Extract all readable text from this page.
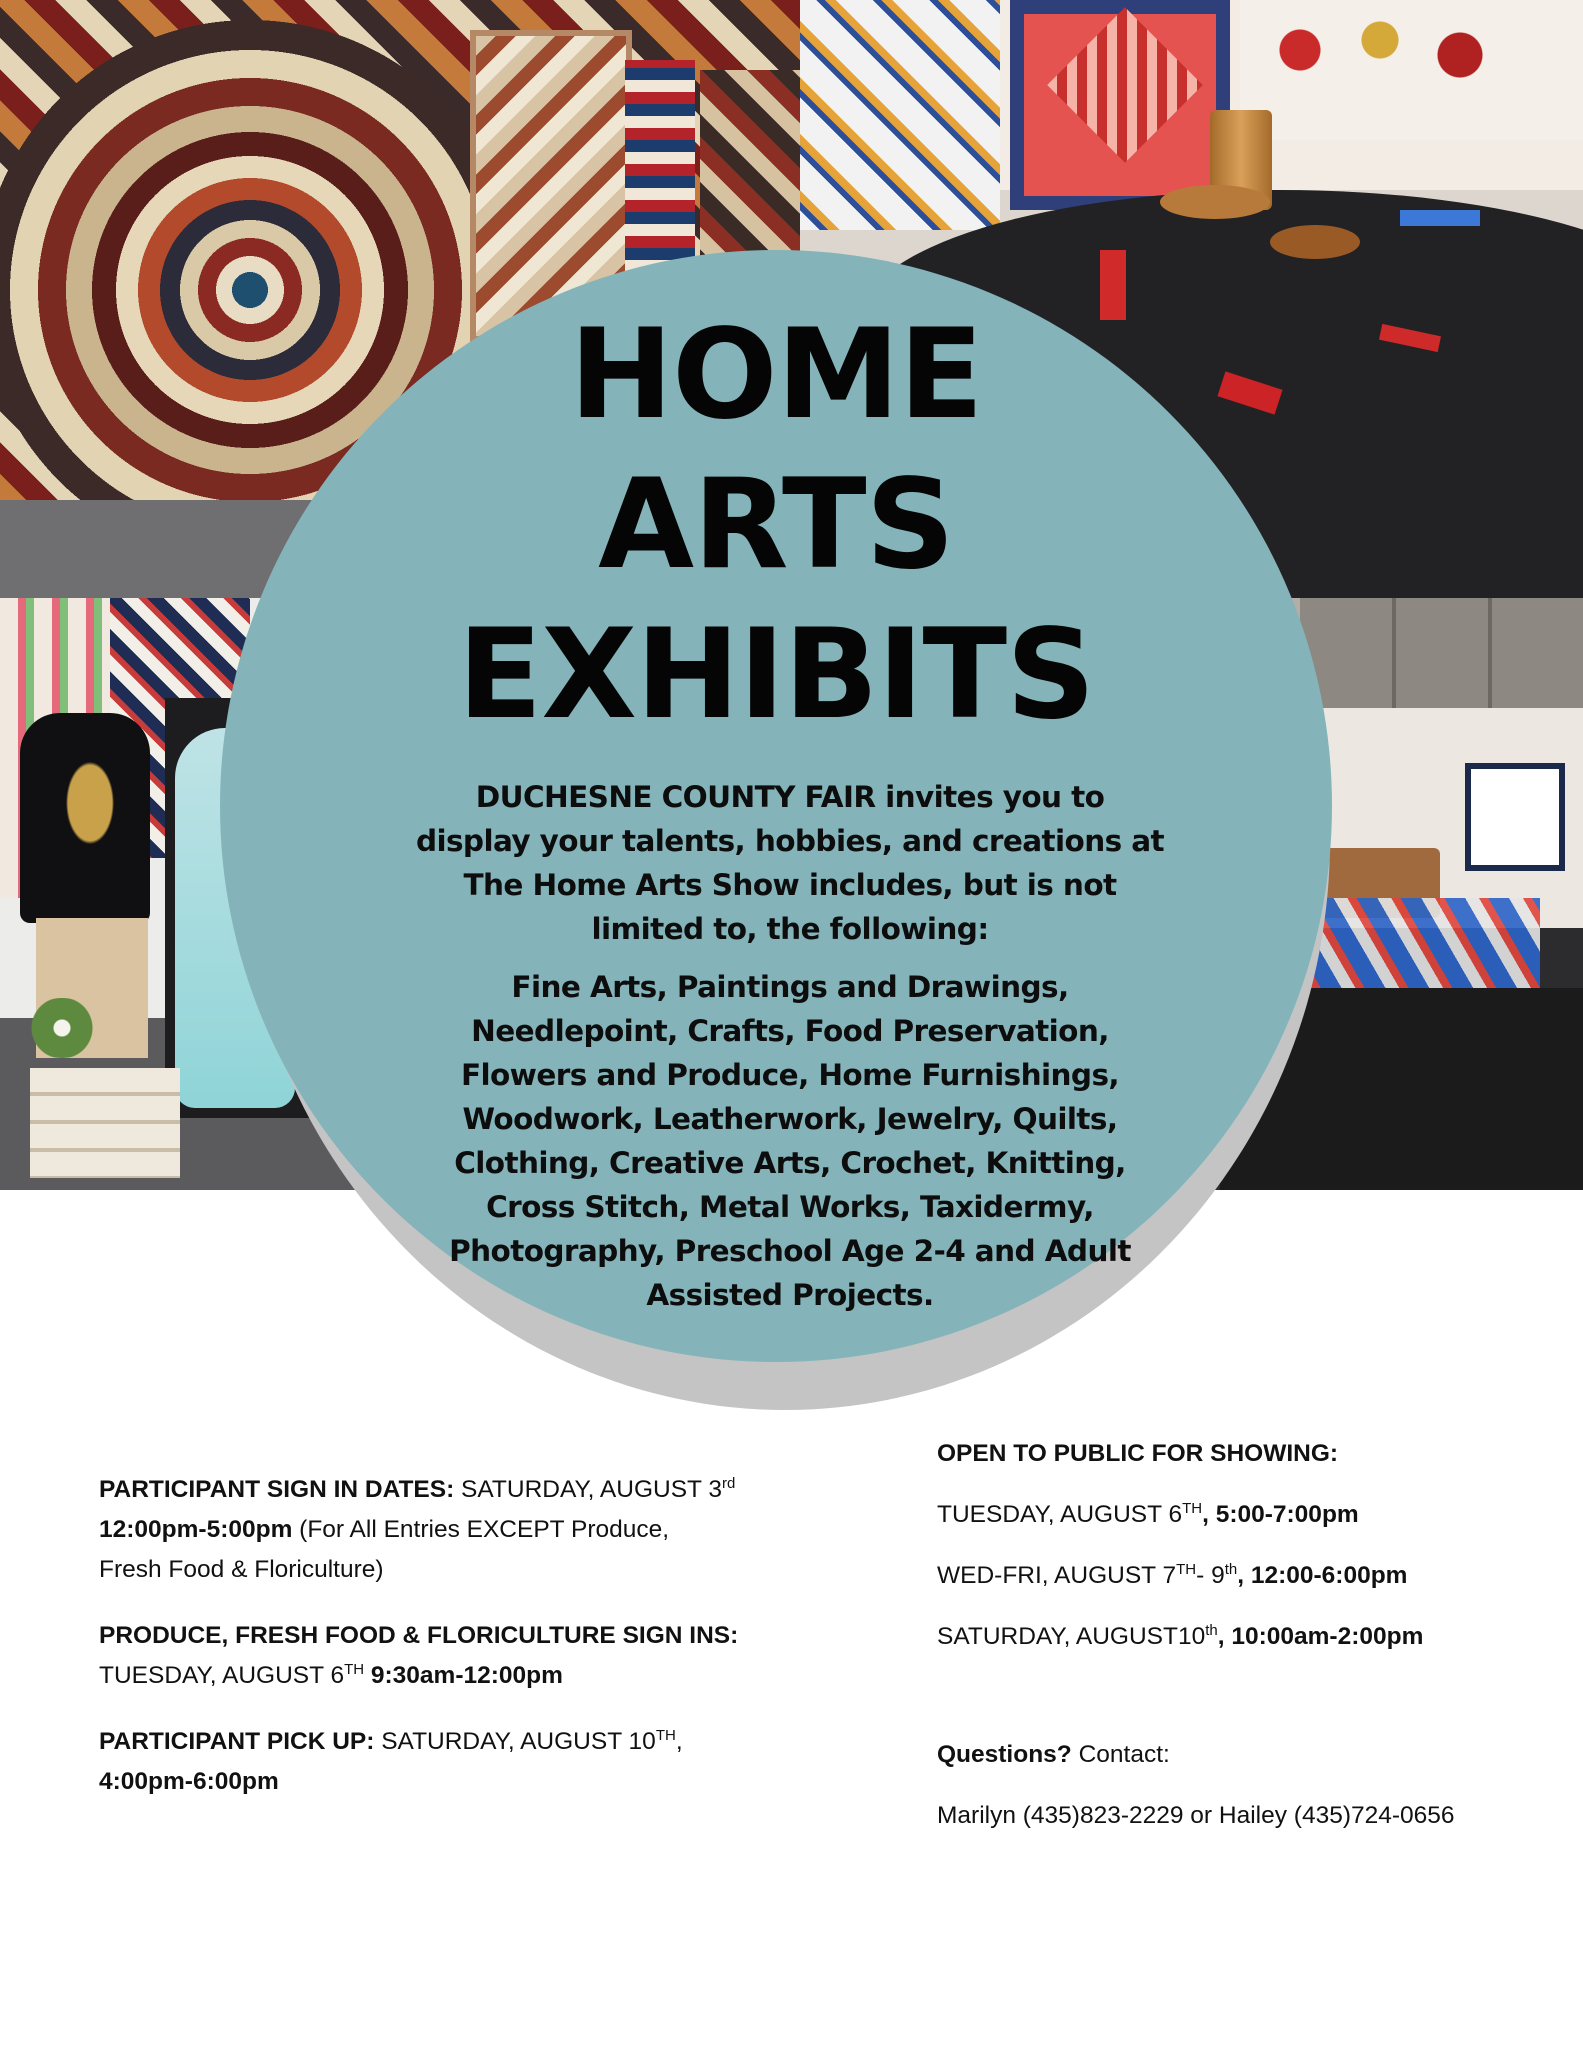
HOME
ARTS
EXHIBITS
DUCHESNE COUNTY FAIR invites you to
display your talents, hobbies, and creations at
The Home Arts Show includes, but is not
limited to, the following:
Fine Arts, Paintings and Drawings,
Needlepoint, Crafts, Food Preservation,
Flowers and Produce, Home Furnishings,
Woodwork, Leatherwork, Jewelry, Quilts,
Clothing, Creative Arts, Crochet, Knitting,
Cross Stitch, Metal Works, Taxidermy,
Photography, Preschool Age 2-4 and Adult
Assisted Projects.

PARTICIPANT SIGN IN DATES: SATURDAY, AUGUST 3rd

12:00pm-5:00pm (For All Entries EXCEPT Produce,

Fresh Food & Floriculture)

PRODUCE, FRESH FOOD & FLORICULTURE SIGN INS:

TUESDAY, AUGUST 6TH 9:30am-12:00pm

PARTICIPANT PICK UP: SATURDAY, AUGUST 10TH,

4:00pm-6:00pm

OPEN TO PUBLIC FOR SHOWING:

TUESDAY, AUGUST 6TH, 5:00-7:00pm

WED-FRI, AUGUST 7TH- 9th, 12:00-6:00pm

SATURDAY, AUGUST10th, 10:00am-2:00pm

Questions? Contact:

Marilyn (435)823-2229 or Hailey (435)724-0656
